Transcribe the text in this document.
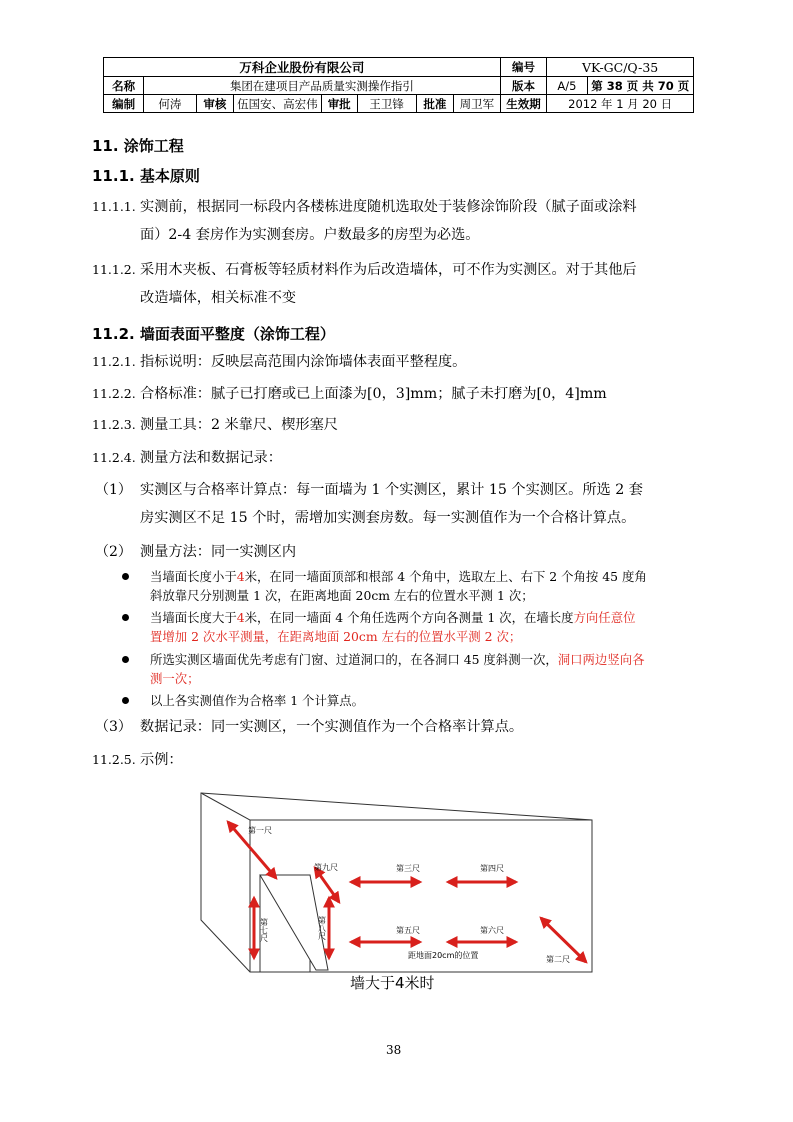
万科企业股份有限公司								编号	VK-GC/Q-35	
名称	集团在建项目产品质量实测操作指引							版本	A/5	第 38 页 共 70 页
编制	何涛	审核	伍国安、高宏伟	审批	王卫锋	批准	周卫军	生效期	2012 年 1 月 20 日	
11. 涂饰工程
11.1. 基本原则
11.1.1. 实测前，根据同一标段内各楼栋进度随机选取处于装修涂饰阶段（腻子面或涂料
面）2-4 套房作为实测套房。户数最多的房型为必选。
11.1.2. 采用木夹板、石膏板等轻质材料作为后改造墙体，可不作为实测区。对于其他后
改造墙体，相关标准不变
11.2. 墙面表面平整度（涂饰工程）
11.2.1. 指标说明：反映层高范围内涂饰墙体表面平整程度。
11.2.2. 合格标准：腻子已打磨或已上面漆为[0，3]mm；腻子未打磨为[0，4]mm
11.2.3. 测量工具：2 米靠尺、楔形塞尺
11.2.4. 测量方法和数据记录：
（1） 实测区与合格率计算点：每一面墙为 1 个实测区，累计 15 个实测区。所选 2 套
房实测区不足 15 个时，需增加实测套房数。每一实测值作为一个合格计算点。
（2） 测量方法：同一实测区内
当墙面长度小于4米，在同一墙面顶部和根部 4 个角中，选取左上、右下 2 个角按 45 度角
斜放靠尺分别测量 1 次，在距离地面 20cm 左右的位置水平测 1 次；
当墙面长度大于4米，在同一墙面 4 个角任选两个方向各测量 1 次，在墙长度方向任意位
置增加 2 次水平测量，在距离地面 20cm 左右的位置水平测 2 次；
所选实测区墙面优先考虑有门窗、过道洞口的，在各洞口 45 度斜测一次，洞口两边竖向各
测一次；
以上各实测值作为合格率 1 个计算点。
（3） 数据记录：同一实测区，一个实测值作为一个合格率计算点。
11.2.5. 示例：
第一尺
第二尺
第三尺	第四尺
第五尺	第六尺
第九尺
距地面20cm的位置
第七尺	第八尺
墙大于4米时
38
